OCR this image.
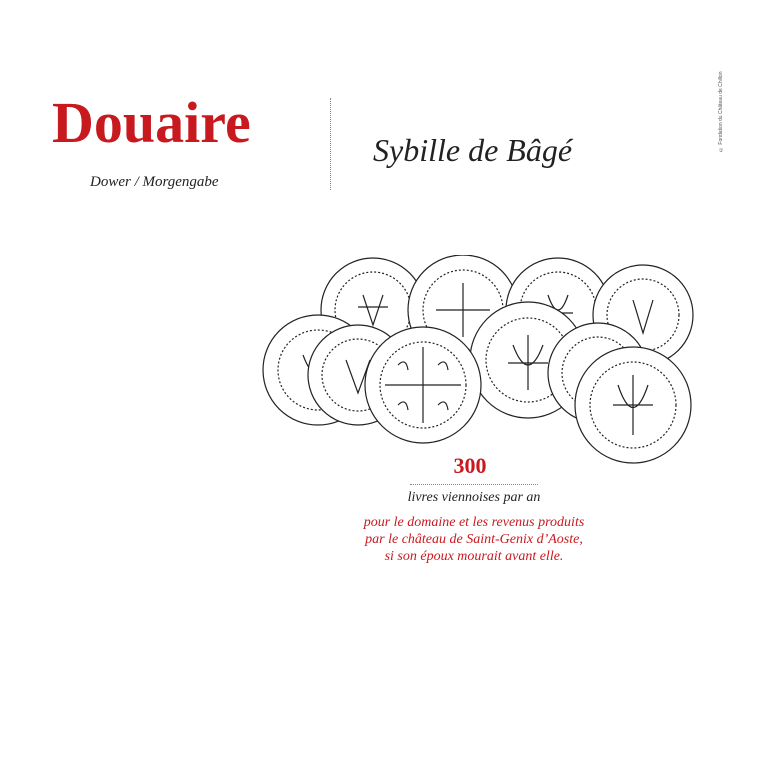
Douaire
Dower / Morgengabe
Sybille de Bâgé	© Fondation du Château de Chillon
300
livres viennoises par an
pour le domaine et les revenus produits
par le château de Saint-Genix d’Aoste,
si son époux mourait avant elle.
